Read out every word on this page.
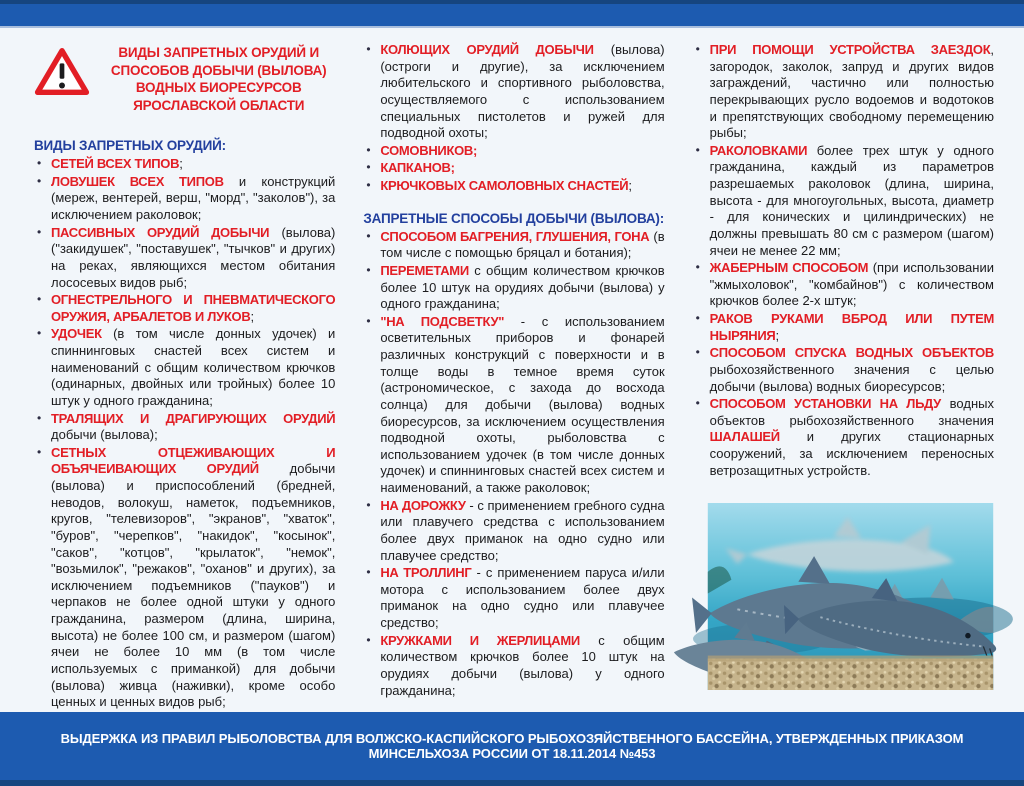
ВИДЫ ЗАПРЕТНЫХ ОРУДИЙ И СПОСОБОВ ДОБЫЧИ (ВЫЛОВА) ВОДНЫХ БИОРЕСУРСОВ ЯРОСЛАВСКОЙ ОБЛАСТИ
ВИДЫ ЗАПРЕТНЫХ ОРУДИЙ:
• СЕТЕЙ ВСЕХ ТИПОВ;
• ЛОВУШЕК ВСЕХ ТИПОВ и конструкций (мереж, вентерей, верш, "морд", "заколов"), за исключением раколовок;
• ПАССИВНЫХ ОРУДИЙ ДОБЫЧИ (вылова) ("закидушек", "поставушек", "тычков" и других) на реках, являющихся местом обитания лососевых видов рыб;
• ОГНЕСТРЕЛЬНОГО И ПНЕВМАТИЧЕСКОГО ОРУЖИЯ, АРБАЛЕТОВ И ЛУКОВ;
• УДОЧЕК (в том числе донных удочек) и спиннинговых снастей всех систем и наименований с общим количеством крючков (одинарных, двойных или тройных) более 10 штук у одного гражданина;
• ТРАЛЯЩИХ И ДРАГИРУЮЩИХ ОРУДИЙ добычи (вылова);
• СЕТНЫХ ОТЦЕЖИВАЮЩИХ И ОБЪЯЧЕИВАЮЩИХ ОРУДИЙ добычи (вылова) и приспособлений (бредней, неводов, волокуш, наметок, подъемников, кругов, "телевизоров", "экранов", "хваток", "буров", "черепков", "накидок", "косынок", "саков", "котцов", "крылаток", "немок", "возьмилок", "режаков", "оханов" и других), за исключением подъемников ("пауков") и черпаков не более одной штуки у одного гражданина, размером (длина, ширина, высота) не более 100 см, и размером (шагом) ячеи не более 10 мм (в том числе используемых с приманкой) для добычи (вылова) живца (наживки), кроме особо ценных и ценных видов рыб;
• КОЛЮЩИХ ОРУДИЙ ДОБЫЧИ (вылова) (остроги и другие), за исключением любительского и спортивного рыболовства, осуществляемого с использованием специальных пистолетов и ружей для подводной охоты;
• СОМОВНИКОВ;
• КАПКАНОВ;
• КРЮЧКОВЫХ САМОЛОВНЫХ СНАСТЕЙ;
ЗАПРЕТНЫЕ СПОСОБЫ ДОБЫЧИ (ВЫЛОВА):
• СПОСОБОМ БАГРЕНИЯ, ГЛУШЕНИЯ, ГОНА (в том числе с помощью бряцал и ботания);
• ПЕРЕМЕТАМИ с общим количеством крючков более 10 штук на орудиях добычи (вылова) у одного гражданина;
• "НА ПОДСВЕТКУ" - с использованием осветительных приборов и фонарей различных конструкций с поверхности и в толще воды в темное время суток (астрономическое, с захода до восхода солнца) для добычи (вылова) водных биоресурсов, за исключением осуществления подводной охоты, рыболовства с использованием удочек (в том числе донных удочек) и спиннинговых снастей всех систем и наименований, а также раколовок;
• НА ДОРОЖКУ - с применением гребного судна или плавучего средства с использованием более двух приманок на одно судно или плавучее средство;
• НА ТРОЛЛИНГ - с применением паруса и/или мотора с использованием более двух приманок на одно судно или плавучее средство;
• КРУЖКАМИ И ЖЕРЛИЦАМИ с общим количеством крючков более 10 штук на орудиях добычи (вылова) у одного гражданина;
• ПРИ ПОМОЩИ УСТРОЙСТВА ЗАЕЗДОК, загородок, заколок, запруд и других видов заграждений, частично или полностью перекрывающих русло водоемов и водотоков и препятствующих свободному перемещению рыбы;
• РАКОЛОВКАМИ более трех штук у одного гражданина, каждый из параметров разрешаемых раколовок (длина, ширина, высота - для многоугольных, высота, диаметр - для конических и цилиндрических) не должны превышать 80 см с размером (шагом) ячеи не менее 22 мм;
• ЖАБЕРНЫМ СПОСОБОМ (при использовании "жмыхоловок", "комбайнов") с количеством крючков более 2-х штук;
• РАКОВ РУКАМИ ВБРОД ИЛИ ПУТЕМ НЫРЯНИЯ;
• СПОСОБОМ СПУСКА ВОДНЫХ ОБЪЕКТОВ рыбохозяйственного значения с целью добычи (вылова) водных биоресурсов;
• СПОСОБОМ УСТАНОВКИ НА ЛЬДУ водных объектов рыбохозяйственного значения ШАЛАШЕЙ и других стационарных сооружений, за исключением переносных ветрозащитных устройств.
ВЫДЕРЖКА ИЗ ПРАВИЛ РЫБОЛОВСТВА ДЛЯ ВОЛЖСКО-КАСПИЙСКОГО РЫБОХОЗЯЙСТВЕННОГО БАССЕЙНА, УТВЕРЖДЕННЫХ ПРИКАЗОМ МИНСЕЛЬХОЗА РОССИИ ОТ 18.11.2014 №453
